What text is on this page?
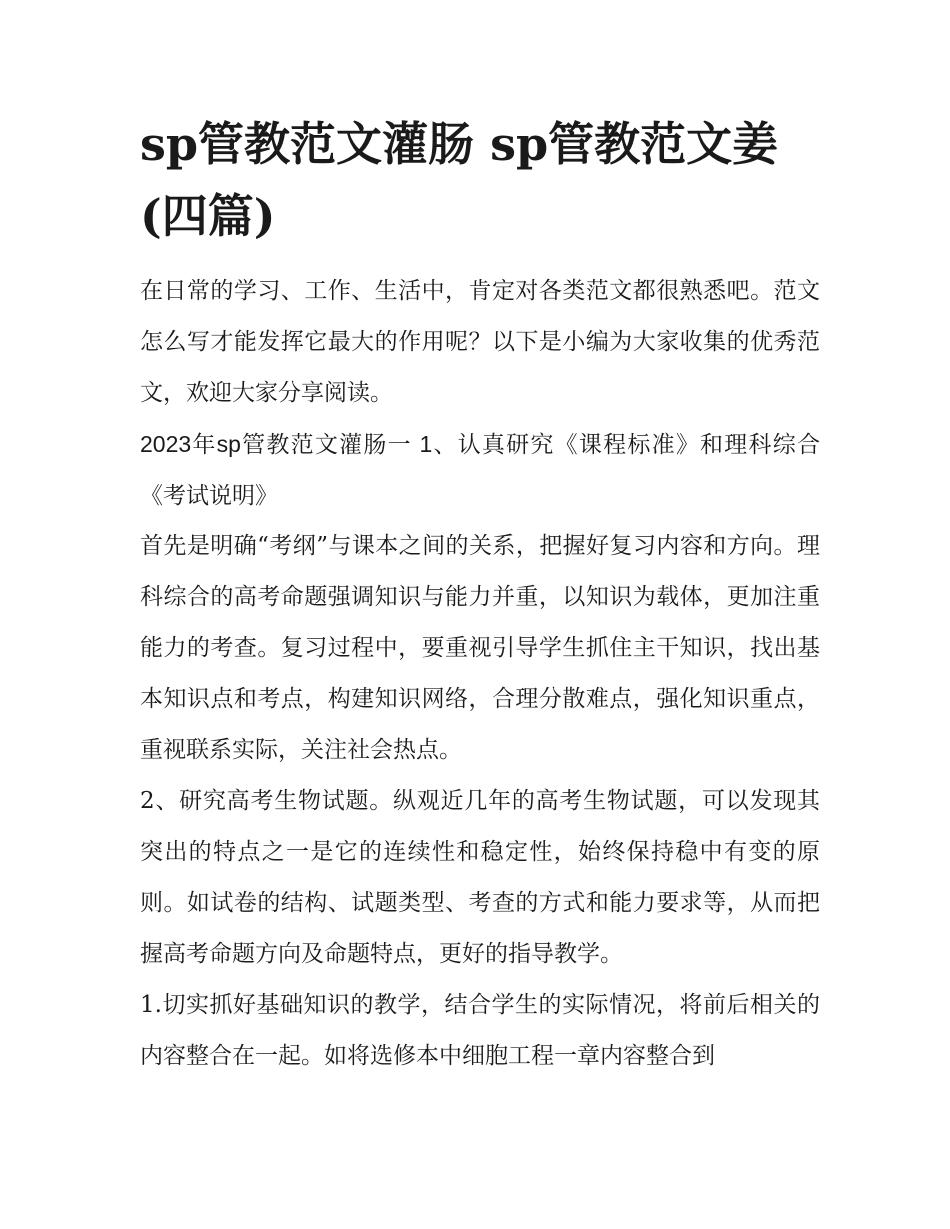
sp管教范文灌肠 sp管教范文姜(四篇)

在日常的学习、工作、生活中，肯定对各类范文都很熟悉吧。范文怎么写才能发挥它最大的作用呢？以下是小编为大家收集的优秀范文，欢迎大家分享阅读。

2023年sp管教范文灌肠一 1、认真研究《课程标准》和理科综合《考试说明》

首先是明确“考纲”与课本之间的关系，把握好复习内容和方向。理科综合的高考命题强调知识与能力并重，以知识为载体，更加注重能力的考查。复习过程中，要重视引导学生抓住主干知识，找出基本知识点和考点，构建知识网络，合理分散难点，强化知识重点，重视联系实际，关注社会热点。

2、研究高考生物试题。纵观近几年的高考生物试题，可以发现其突出的特点之一是它的连续性和稳定性，始终保持稳中有变的原则。如试卷的结构、试题类型、考查的方式和能力要求等，从而把握高考命题方向及命题特点，更好的指导教学。

1.切实抓好基础知识的教学，结合学生的实际情况，将前后相关的内容整合在一起。如将选修本中细胞工程一章内容整合到
